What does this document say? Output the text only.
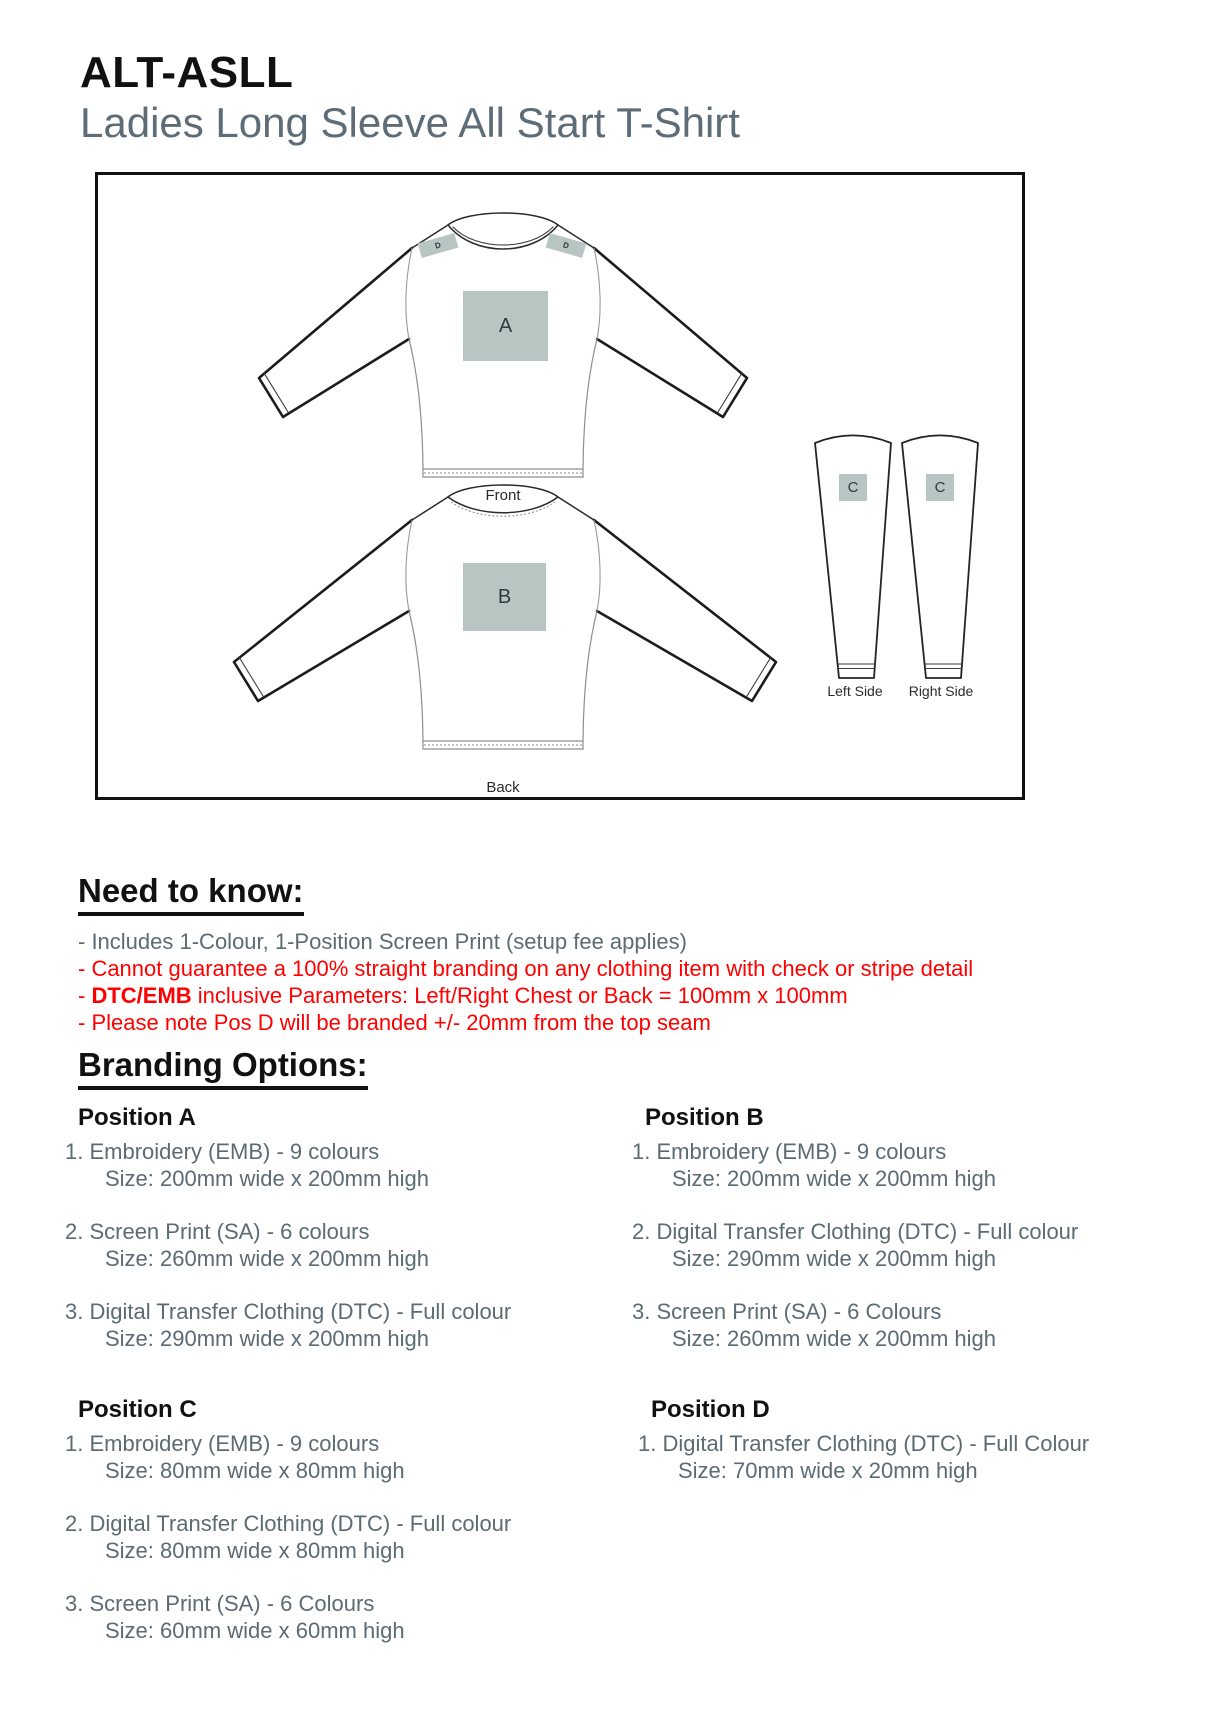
ALT-ASLL
Ladies Long Sleeve All Start T-Shirt
A
B
C	C
D	D
Front
Back
Left Side	Right Side
Need to know:
- Includes 1-Colour, 1-Position Screen Print (setup fee applies)
- Cannot guarantee a 100% straight branding on any clothing item with check or stripe detail
- DTC/EMB inclusive Parameters: Left/Right Chest or Back = 100mm x 100mm
- Please note Pos D will be branded +/- 20mm from the top seam
Branding Options:
Position A
1. Embroidery (EMB) - 9 colours
Size: 200mm wide x 200mm high
2. Screen Print (SA) - 6 colours
Size: 260mm wide x 200mm high
3. Digital Transfer Clothing (DTC) - Full colour
Size: 290mm wide x 200mm high
Position B
1. Embroidery (EMB) - 9 colours
Size: 200mm wide x 200mm high
2. Digital Transfer Clothing (DTC) - Full colour
Size: 290mm wide x 200mm high
3. Screen Print (SA) - 6 Colours
Size: 260mm wide x 200mm high
Position C
1. Embroidery (EMB) - 9 colours
Size: 80mm wide x 80mm high
2. Digital Transfer Clothing (DTC) - Full colour
Size: 80mm wide x 80mm high
3. Screen Print (SA) - 6 Colours
Size: 60mm wide x 60mm high
Position D
1. Digital Transfer Clothing (DTC) - Full Colour
Size: 70mm wide x 20mm high
